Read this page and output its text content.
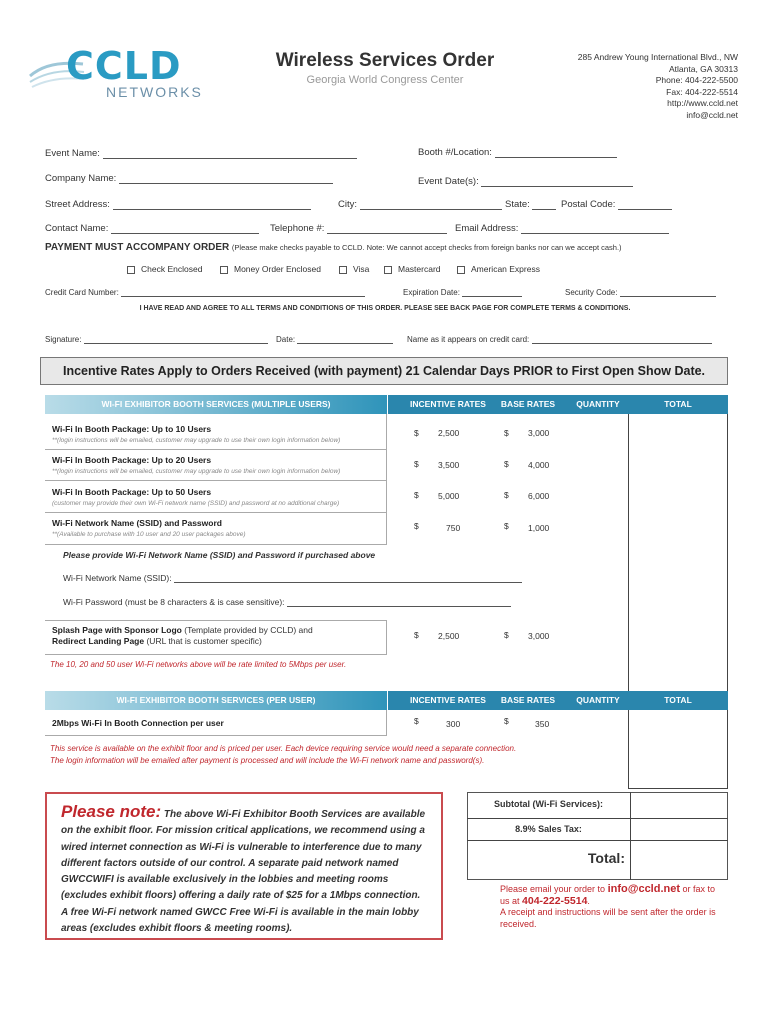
CCLD
NETWORKS
Wireless Services Order
Georgia World Congress Center
285 Andrew Young International Blvd., NW
Atlanta, GA 30313
Phone: 404-222-5500
Fax: 404-222-5514
http://www.ccld.net
info@ccld.net
Event Name:	Booth #/Location:
Company Name:	Event Date(s):
Street Address:	City:	State:	Postal Code:
Contact Name:	Telephone #:	Email Address:
PAYMENT MUST ACCOMPANY ORDER (Please make checks payable to CCLD. Note: We cannot accept checks from foreign banks nor can we accept cash.)
Check Enclosed	Money Order Enclosed	Visa	Mastercard	American Express
Credit Card Number:	Expiration Date:	Security Code:
I HAVE READ AND AGREE TO ALL TERMS AND CONDITIONS OF THIS ORDER. PLEASE SEE BACK PAGE FOR COMPLETE TERMS & CONDITIONS.
Signature:	Date:	Name as it appears on credit card:
Incentive Rates Apply to Orders Received (with payment) 21 Calendar Days PRIOR to First Open Show Date.
WI-FI EXHIBITOR BOOTH SERVICES (MULTIPLE USERS)	INCENTIVE RATES	BASE RATES	QUANTITY	TOTAL
Wi-Fi In Booth Package: Up to 10 Users
**(login instructions will be emailed, customer may upgrade to use their own login information below)
$ 2,500	$ 3,000
Wi-Fi In Booth Package: Up to 20 Users
**(login instructions will be emailed, customer may upgrade to use their own login information below)
$ 3,500	$ 4,000
Wi-Fi In Booth Package: Up to 50 Users
(customer may provide their own Wi-Fi network name (SSID) and password at no additional charge)
$ 5,000	$ 6,000
Wi-Fi Network Name (SSID) and Password
**(Available to purchase with 10 user and 20 user packages above)
$	750	$ 1,000
Please provide Wi-Fi Network Name (SSID) and Password if purchased above
Wi-Fi Network Name (SSID):
Wi-Fi Password (must be 8 characters & is case sensitive):
Splash Page with Sponsor Logo (Template provided by CCLD) and
Redirect Landing Page (URL that is customer specific)
$ 2,500	$ 3,000
The 10, 20 and 50 user Wi-Fi networks above will be rate limited to 5Mbps per user.
WI-FI EXHIBITOR BOOTH SERVICES (PER USER)	INCENTIVE RATES	BASE RATES	QUANTITY	TOTAL
2Mbps Wi-Fi In Booth Connection per user	$	300	$	350
This service is available on the exhibit floor and is priced per user. Each device requiring service would need a separate connection.
The login information will be emailed after payment is processed and will include the Wi-Fi network name and password(s).
Please note: The above Wi-Fi Exhibitor Booth Services are available on the exhibit floor. For mission critical applications, we recommend using a wired internet connection as Wi-Fi is vulnerable to interference due to many different factors outside of our control. A separate paid network named GWCCWIFI is available exclusively in the lobbies and meeting rooms (excludes exhibit floors) offering a daily rate of $25 for a 1Mbps connection. A free Wi-Fi network named GWCC Free Wi-Fi is available in the main lobby areas (excludes exhibit floors & meeting rooms).
Subtotal (Wi-Fi Services):
8.9% Sales Tax:
Total:
Please email your order to info@ccld.net or fax to us at 404-222-5514.
A receipt and instructions will be sent after the order is received.
